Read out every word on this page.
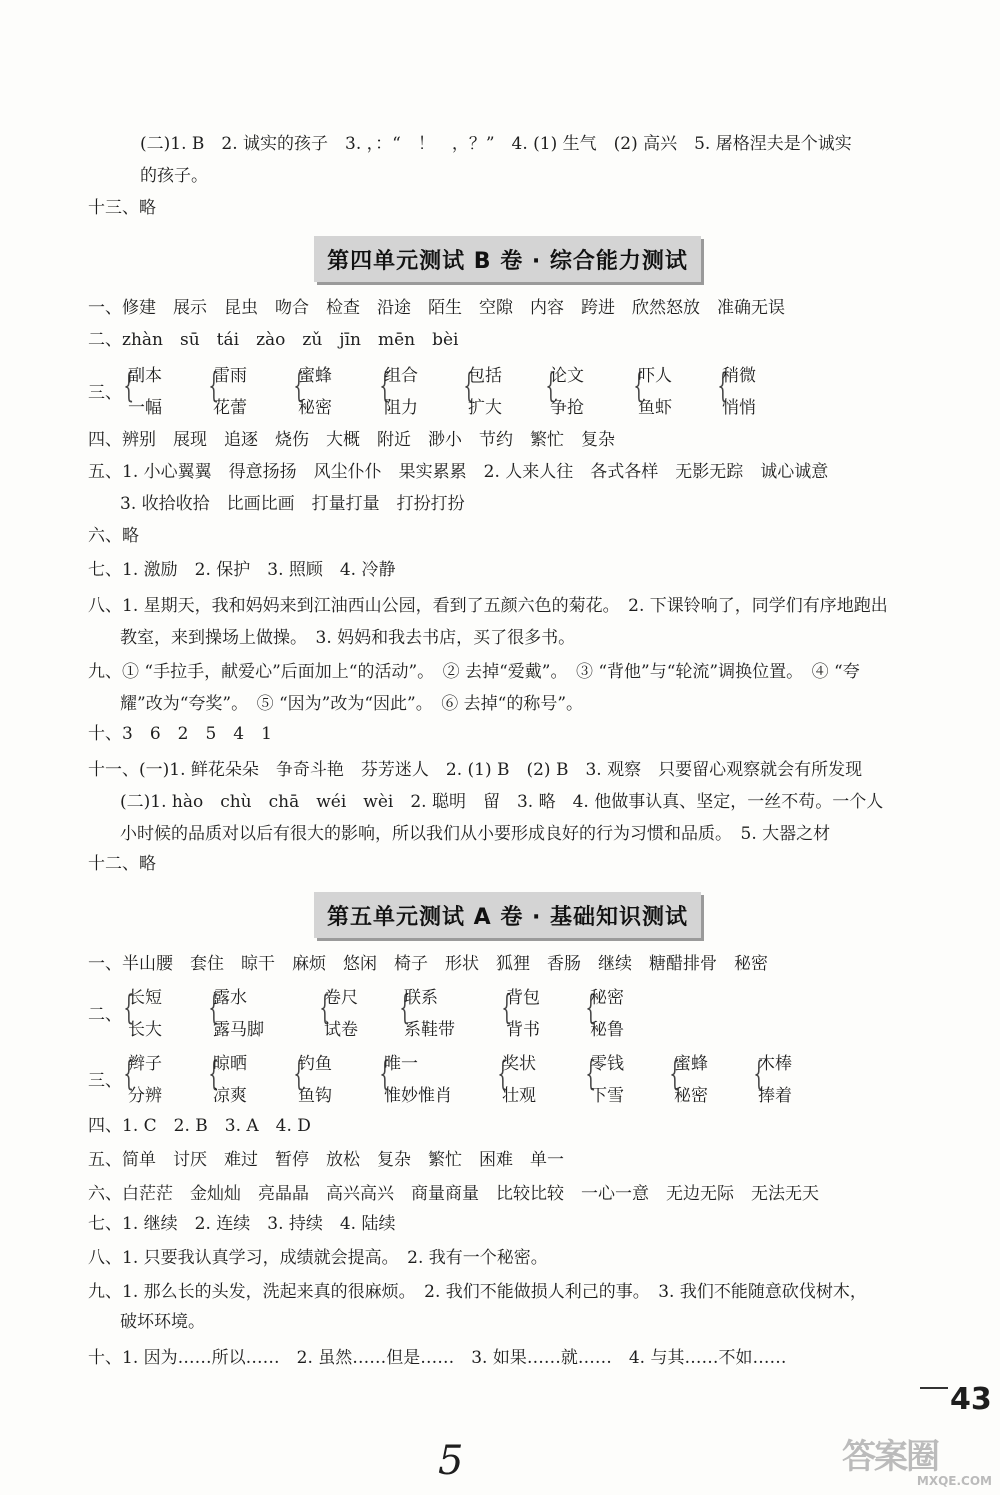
(二)1. B　2. 诚实的孩子　3. ，：“　！　，？”　4. (1) 生气　(2) 高兴　5. 屠格涅夫是个诚实
的孩子。
十三、略
第四单元测试 B 卷 · 综合能力测试
一、修建　展示　昆虫　吻合　检查　沿途　陌生　空隙　内容　跨进　欣然怒放　准确无误
二、zhàn　sū　tái　zào　zǔ　jīn　mēn　bèi
三、 {
副本
一幅
{
雷雨
花蕾
{
蜜蜂
秘密
{
组合
阻力
{
包括
扩大
{
论文
争抢
{
吓人
鱼虾
{
稍微
悄悄
四、辨别　展现　追逐　烧伤　大概　附近　渺小　节约　繁忙　复杂
五、1. 小心翼翼　得意扬扬　风尘仆仆　果实累累　2. 人来人往　各式各样　无影无踪　诚心诚意
3. 收拾收拾　比画比画　打量打量　打扮打扮
六、略
七、1. 激励　2. 保护　3. 照顾　4. 冷静
八、1. 星期天，我和妈妈来到江油西山公园，看到了五颜六色的菊花。　2. 下课铃响了，同学们有序地跑出
教室，来到操场上做操。　3. 妈妈和我去书店，买了很多书。
九、① “手拉手，献爱心”后面加上“的活动”。　② 去掉“爱戴”。　③ “背他”与“轮流”调换位置。　④ “夸
耀”改为“夸奖”。　⑤ “因为”改为“因此”。　⑥ 去掉“的称号”。
十、3　6　2　5　4　1
十一、(一)1. 鲜花朵朵　争奇斗艳　芬芳迷人　2. (1) B　(2) B　3. 观察　只要留心观察就会有所发现
(二)1. hào　chù　chā　wéi　wèi　2. 聪明　留　3. 略　4. 他做事认真、坚定，一丝不苟。一个人
小时候的品质对以后有很大的影响，所以我们从小要形成良好的行为习惯和品质。　5. 大器之材
十二、略
第五单元测试 A 卷 · 基础知识测试
一、半山腰　套住　晾干　麻烦　悠闲　椅子　形状　狐狸　香肠　继续　糖醋排骨　秘密
二、 {
长短
长大
{
露水
露马脚
{
卷尺
试卷
{
联系
系鞋带
{
背包
背书
{
秘密
秘鲁
三、 {
辫子
分辨
{
晾晒
凉爽
{
钓鱼
鱼钩
{
唯一
惟妙惟肖
{
奖状
壮观
{
零钱
下雪
{
蜜蜂
秘密
{
木棒
捧着
四、1. C　2. B　3. A　4. D
五、简单　讨厌　难过　暂停　放松　复杂　繁忙　困难　单一
六、白茫茫　金灿灿　亮晶晶　高兴高兴　商量商量　比较比较　一心一意　无边无际　无法无天
七、1. 继续　2. 连续　3. 持续　4. 陆续
八、1. 只要我认真学习，成绩就会提高。　2. 我有一个秘密。
九、1. 那么长的头发，洗起来真的很麻烦。　2. 我们不能做损人利己的事。　3. 我们不能随意砍伐树木，
破坏环境。
十、1. 因为……所以……　2. 虽然……但是……　3. 如果……就……　4. 与其……不如……
43
5	答案圈
MXQE.COM
